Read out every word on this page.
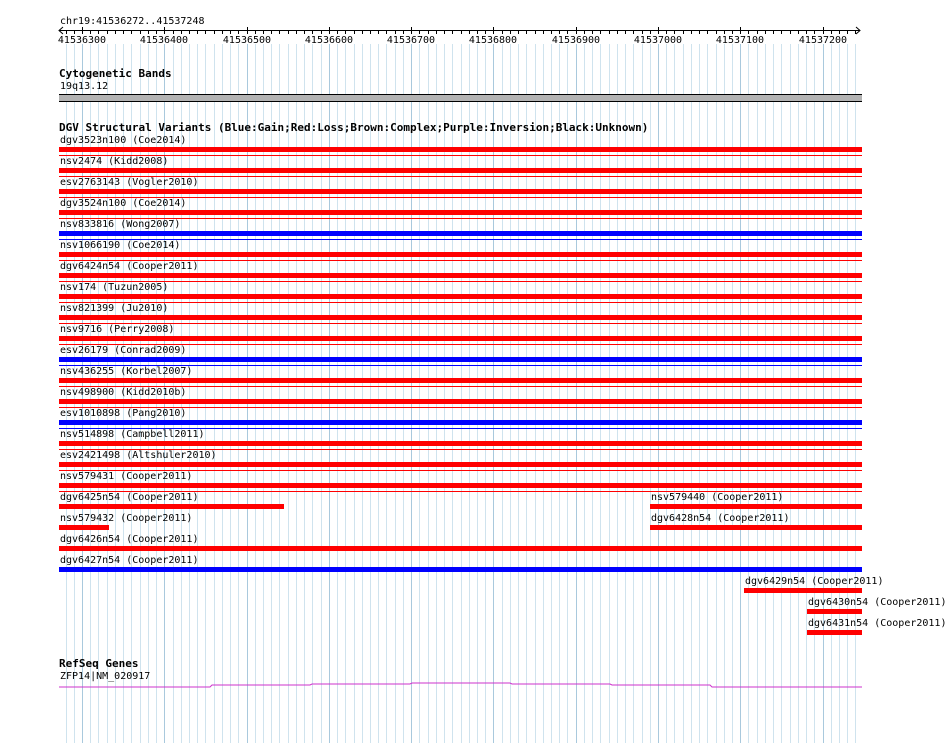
chr19:41536272..41537248
41536300	41536400	41536500	41536600	41536700	41536800	41536900	41537000	41537100	41537200
Cytogenetic Bands
19q13.12
DGV Structural Variants (Blue:Gain;Red:Loss;Brown:Complex;Purple:Inversion;Black:Unknown)
dgv3523n100 (Coe2014)
nsv2474 (Kidd2008)
esv2763143 (Vogler2010)
dgv3524n100 (Coe2014)
nsv833816 (Wong2007)
nsv1066190 (Coe2014)
dgv6424n54 (Cooper2011)
nsv174 (Tuzun2005)
nsv821399 (Ju2010)
nsv9716 (Perry2008)
esv26179 (Conrad2009)
nsv436255 (Korbel2007)
nsv498900 (Kidd2010b)
esv1010898 (Pang2010)
nsv514898 (Campbell2011)
esv2421498 (Altshuler2010)
nsv579431 (Cooper2011)
dgv6425n54 (Cooper2011)	nsv579440 (Cooper2011)
nsv579432 (Cooper2011)	dgv6428n54 (Cooper2011)
dgv6426n54 (Cooper2011)
dgv6427n54 (Cooper2011)
dgv6429n54 (Cooper2011)
dgv6430n54 (Cooper2011)
dgv6431n54 (Cooper2011)
RefSeq Genes
ZFP14|NM_020917
